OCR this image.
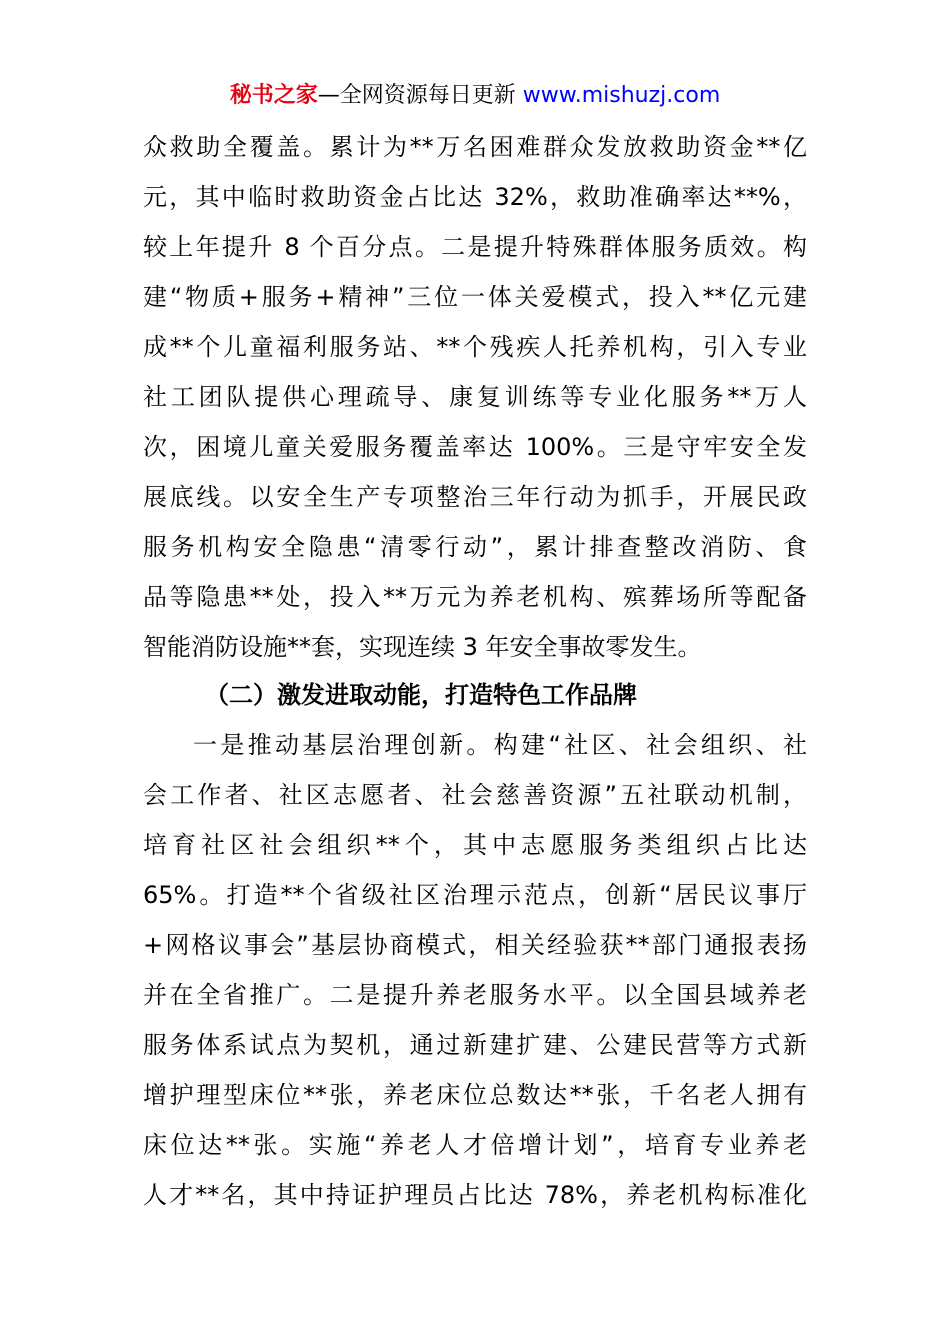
秘书之家—全网资源每日更新 www.mishuzj.com
众救助全覆盖。累计为**万名困难群众发放救助资金**亿
元，其中临时救助资金占比达 32%，救助准确率达**%，
较上年提升 8 个百分点。二是提升特殊群体服务质效。构
建“物质+服务+精神”三位一体关爱模式，投入**亿元建
成**个儿童福利服务站、**个残疾人托养机构，引入专业
社工团队提供心理疏导、康复训练等专业化服务**万人
次，困境儿童关爱服务覆盖率达 100%。三是守牢安全发
展底线。以安全生产专项整治三年行动为抓手，开展民政
服务机构安全隐患“清零行动”，累计排查整改消防、食
品等隐患**处，投入**万元为养老机构、殡葬场所等配备
智能消防设施**套，实现连续 3 年安全事故零发生。
（二）激发进取动能，打造特色工作品牌
一是推动基层治理创新。构建“社区、社会组织、社
会工作者、社区志愿者、社会慈善资源”五社联动机制，
培育社区社会组织**个，其中志愿服务类组织占比达
65%。打造**个省级社区治理示范点，创新“居民议事厅
+网格议事会”基层协商模式，相关经验获**部门通报表扬
并在全省推广。二是提升养老服务水平。以全国县域养老
服务体系试点为契机，通过新建扩建、公建民营等方式新
增护理型床位**张，养老床位总数达**张，千名老人拥有
床位达**张。实施“养老人才倍增计划”，培育专业养老
人才**名，其中持证护理员占比达 78%，养老机构标准化
